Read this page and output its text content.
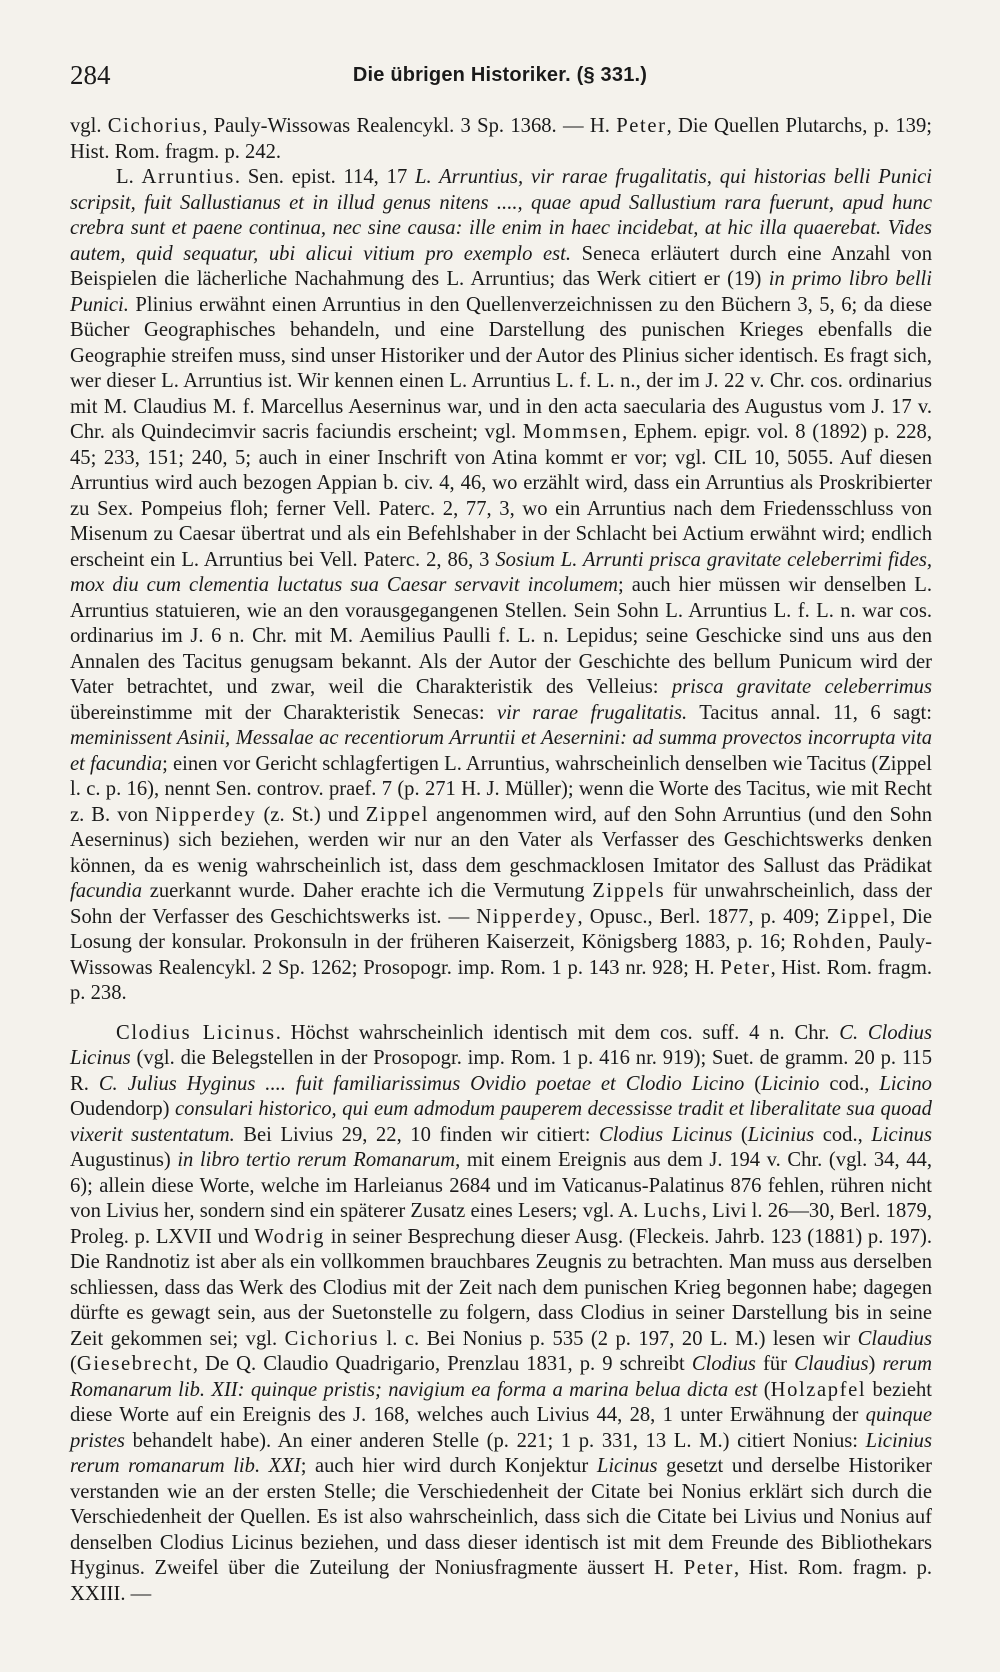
284	Die übrigen Historiker. (§ 331.)

vgl. Cichorius, Pauly-Wissowas Realencykl. 3 Sp. 1368. — H. Peter, Die Quellen Plutarchs, p. 139; Hist. Rom. fragm. p. 242.

L. Arruntius. Sen. epist. 114, 17 L. Arruntius, vir rarae frugalitatis, qui historias belli Punici scripsit, fuit Sallustianus et in illud genus nitens ...., quae apud Sallustium rara fuerunt, apud hunc crebra sunt et paene continua, nec sine causa: ille enim in haec incidebat, at hic illa quaerebat. Vides autem, quid sequatur, ubi alicui vitium pro exemplo est. Seneca erläutert durch eine Anzahl von Beispielen die lächerliche Nachahmung des L. Arruntius; das Werk citiert er (19) in primo libro belli Punici. Plinius erwähnt einen Arruntius in den Quellenverzeichnissen zu den Büchern 3, 5, 6; da diese Bücher Geographisches behandeln, und eine Darstellung des punischen Krieges ebenfalls die Geographie streifen muss, sind unser Historiker und der Autor des Plinius sicher identisch. Es fragt sich, wer dieser L. Arruntius ist. Wir kennen einen L. Arruntius L. f. L. n., der im J. 22 v. Chr. cos. ordinarius mit M. Claudius M. f. Marcellus Aeserninus war, und in den acta saecularia des Augustus vom J. 17 v. Chr. als Quindecimvir sacris faciundis erscheint; vgl. Mommsen, Ephem. epigr. vol. 8 (1892) p. 228, 45; 233, 151; 240, 5; auch in einer Inschrift von Atina kommt er vor; vgl. CIL 10, 5055. Auf diesen Arruntius wird auch bezogen Appian b. civ. 4, 46, wo erzählt wird, dass ein Arruntius als Proskribierter zu Sex. Pompeius floh; ferner Vell. Paterc. 2, 77, 3, wo ein Arruntius nach dem Friedensschluss von Misenum zu Caesar übertrat und als ein Befehlshaber in der Schlacht bei Actium erwähnt wird; endlich erscheint ein L. Arruntius bei Vell. Paterc. 2, 86, 3 Sosium L. Arrunti prisca gravitate celeberrimi fides, mox diu cum clementia luctatus sua Caesar servavit incolumem; auch hier müssen wir denselben L. Arruntius statuieren, wie an den vorausgegangenen Stellen. Sein Sohn L. Arruntius L. f. L. n. war cos. ordinarius im J. 6 n. Chr. mit M. Aemilius Paulli f. L. n. Lepidus; seine Geschicke sind uns aus den Annalen des Tacitus genugsam bekannt. Als der Autor der Geschichte des bellum Punicum wird der Vater betrachtet, und zwar, weil die Charakteristik des Velleius: prisca gravitate celeberrimus übereinstimme mit der Charakteristik Senecas: vir rarae frugalitatis. Tacitus annal. 11, 6 sagt: meminissent Asinii, Messalae ac recentiorum Arruntii et Aesernini: ad summa provectos incorrupta vita et facundia; einen vor Gericht schlagfertigen L. Arruntius, wahrscheinlich denselben wie Tacitus (Zippel l. c. p. 16), nennt Sen. controv. praef. 7 (p. 271 H. J. Müller); wenn die Worte des Tacitus, wie mit Recht z. B. von Nipperdey (z. St.) und Zippel angenommen wird, auf den Sohn Arruntius (und den Sohn Aeserninus) sich beziehen, werden wir nur an den Vater als Verfasser des Geschichtswerks denken können, da es wenig wahrscheinlich ist, dass dem geschmacklosen Imitator des Sallust das Prädikat facundia zuerkannt wurde. Daher erachte ich die Vermutung Zippels für unwahrscheinlich, dass der Sohn der Verfasser des Geschichtswerks ist. — Nipperdey, Opusc., Berl. 1877, p. 409; Zippel, Die Losung der konsular. Prokonsuln in der früheren Kaiserzeit, Königsberg 1883, p. 16; Rohden, Pauly-Wissowas Realencykl. 2 Sp. 1262; Prosopogr. imp. Rom. 1 p. 143 nr. 928; H. Peter, Hist. Rom. fragm. p. 238.

Clodius Licinus. Höchst wahrscheinlich identisch mit dem cos. suff. 4 n. Chr. C. Clodius Licinus (vgl. die Belegstellen in der Prosopogr. imp. Rom. 1 p. 416 nr. 919); Suet. de gramm. 20 p. 115 R. C. Julius Hyginus .... fuit familiarissimus Ovidio poetae et Clodio Licino (Licinio cod., Licino Oudendorp) consulari historico, qui eum admodum pauperem decessisse tradit et liberalitate sua quoad vixerit sustentatum. Bei Livius 29, 22, 10 finden wir citiert: Clodius Licinus (Licinius cod., Licinus Augustinus) in libro tertio rerum Romanarum, mit einem Ereignis aus dem J. 194 v. Chr. (vgl. 34, 44, 6); allein diese Worte, welche im Harleianus 2684 und im Vaticanus-Palatinus 876 fehlen, rühren nicht von Livius her, sondern sind ein späterer Zusatz eines Lesers; vgl. A. Luchs, Livi l. 26—30, Berl. 1879, Proleg. p. LXVII und Wodrig in seiner Besprechung dieser Ausg. (Fleckeis. Jahrb. 123 (1881) p. 197). Die Randnotiz ist aber als ein vollkommen brauchbares Zeugnis zu betrachten. Man muss aus derselben schliessen, dass das Werk des Clodius mit der Zeit nach dem punischen Krieg begonnen habe; dagegen dürfte es gewagt sein, aus der Suetonstelle zu folgern, dass Clodius in seiner Darstellung bis in seine Zeit gekommen sei; vgl. Cichorius l. c. Bei Nonius p. 535 (2 p. 197, 20 L. M.) lesen wir Claudius (Giesebrecht, De Q. Claudio Quadrigario, Prenzlau 1831, p. 9 schreibt Clodius für Claudius) rerum Romanarum lib. XII: quinque pristis; navigium ea forma a marina belua dicta est (Holzapfel bezieht diese Worte auf ein Ereignis des J. 168, welches auch Livius 44, 28, 1 unter Erwähnung der quinque pristes behandelt habe). An einer anderen Stelle (p. 221; 1 p. 331, 13 L. M.) citiert Nonius: Licinius rerum romanarum lib. XXI; auch hier wird durch Konjektur Licinus gesetzt und derselbe Historiker verstanden wie an der ersten Stelle; die Verschiedenheit der Citate bei Nonius erklärt sich durch die Verschiedenheit der Quellen. Es ist also wahrscheinlich, dass sich die Citate bei Livius und Nonius auf denselben Clodius Licinus beziehen, und dass dieser identisch ist mit dem Freunde des Bibliothekars Hyginus. Zweifel über die Zuteilung der Noniusfragmente äussert H. Peter, Hist. Rom. fragm. p. XXIII. —
